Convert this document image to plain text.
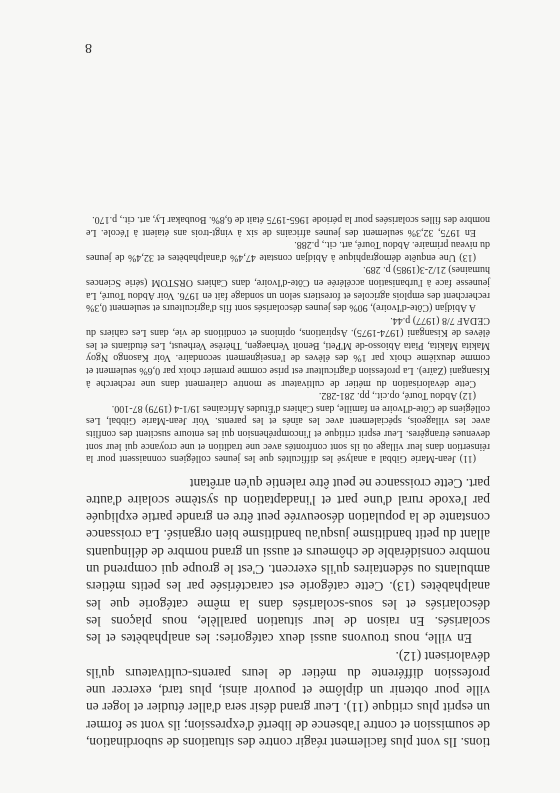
tions. Ils vont plus facilement réagir contre des situations de subordination, de soumission et contre l'absence de liberté d'expression; ils vont se former un esprit plus critique (11). Leur grand désir sera d'aller étudier et loger en ville pour obtenir un diplôme et pouvoir ainsi, plus tard, exercer une profession différente du métier de leurs parents-cultivateurs qu'ils dévalorisent (12).

En ville, nous trouvons aussi deux catégories: les analphabètes et les scolarisés. En raison de leur situation parallèle, nous plaçons les déscolarisés et les sous-scolarisés dans la même catégorie que les analphabètes (13). Cette catégorie est caractérisée par les petits métiers ambulants ou sédentaires qu'ils exercent. C'est le groupe qui comprend un nombre considérable de chômeurs et aussi un grand nombre de délinquants allant du petit banditisme jusqu'au banditisme bien organisé. La croissance constante de la population désoeuvrée peut être en grande partie expliquée par l'exode rural d'une part et l'inadaptation du système scolaire d'autre part. Cette croissance ne peut être ralentie qu'en arrêtant

(11) Jean-Marie Gibbal a analysé les difficultés que les jeunes collégiens connaissent pour la réinsertion dans leur village où ils sont confrontés avec une tradition et une croyance qui leur sont devenues étrangères. Leur esprit critique et l'incompréhension qui les entoure suscitent des conflits avec les villageois, spécialement avec les aînés et les parents. Voir Jean-Marie Gibbal, Les collégiens de Côte-d'Ivoire en famille, dans Cahiers d'Études Africaines 19/1-4 (1979) 87-100.

(12) Abdou Touré, op.cit., pp. 281-282.

Cette dévalorisation du métier de cultivateur se montre clairement dans une recherche à Kisangani (Zaïre). La profession d'agriculteur est prise comme premier choix par 0,6% seulement et comme deuxième choix par 1% des élèves de l'enseignement secondaire. Voir Kasongo Ngoy Makita Makita, Piata Abiosso-de M'Peti, Benoît Verhaegen, Thérèse Verheust, Les étudiants et les élèves de Kisangani (1974-1975). Aspirations, opinions et conditions de vie, dans Les cahiers du CEDAF 7/8 (1977) p.44.

A Abidjan (Côte-d'Ivoire), 90% des jeunes déscolarisés sont fils d'agriculteurs et seulement 0,3% recherchent des emplois agricoles et forestiers selon un sondage fait en 1976. Voir Abdou Touré, La jeunesse face à l'urbanisation accélérée en Côte-d'Ivoire, dans Cahiers ORSTOM (série Sciences humaines) 21/2-3(1985) p. 289.

(13) Une enquête démographique à Abidjan constate 47,4% d'analphabètes et 32,4% de jeunes du niveau primaire. Abdou Touré, art. cit., p.288.

En 1975, 32,3% seulement des jeunes africains de six à vingt-trois ans étaient à l'école. Le nombre des filles scolarisées pour la période 1965-1975 était de 6,8%. Boubakar Ly, art. cit., p.170.

8
